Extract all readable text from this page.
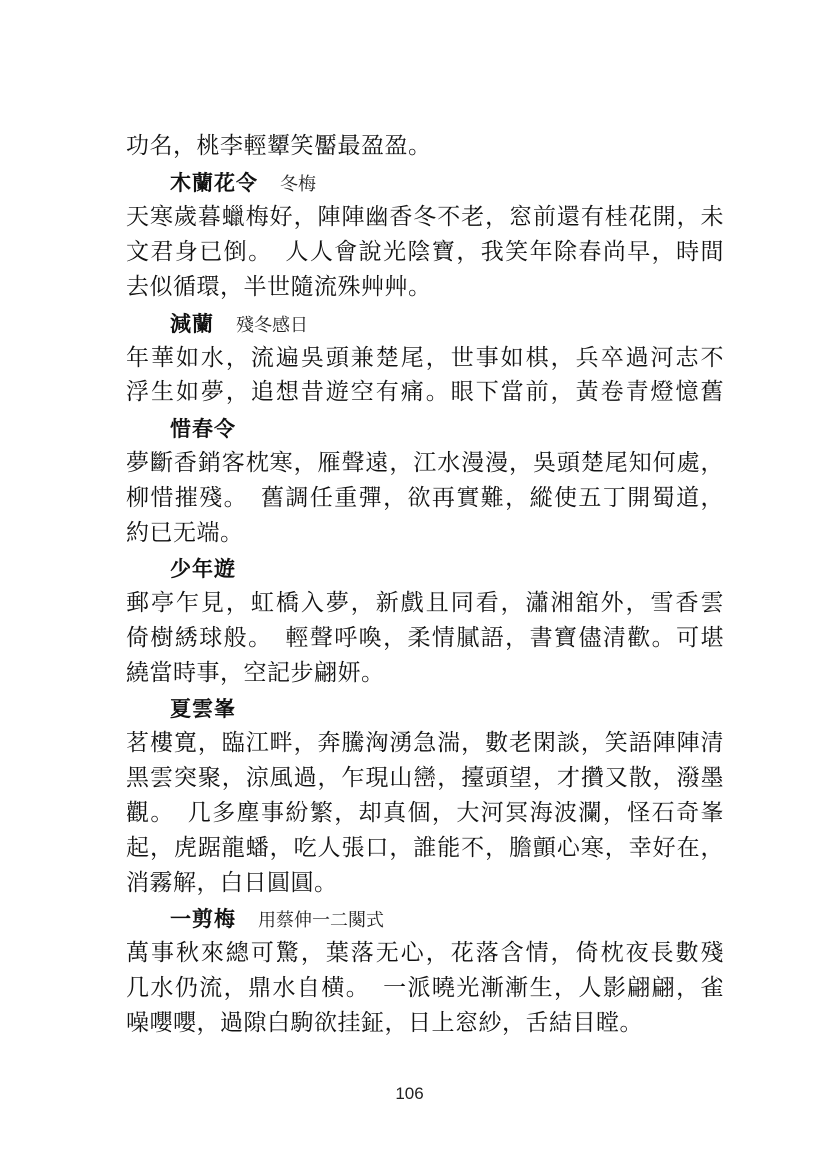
功名，桃李輕顰笑靨最盈盈。
木蘭花令 冬梅
天寒歲暮蠟梅好，陣陣幽香冬不老，窓前還有桂花開，未
文君身已倒。　人人會說光陰寶，我笑年除春尚早，時間
去似循環，半世隨流殊艸艸。
減蘭 殘冬感日
年華如水，流遍吳頭兼楚尾，世事如棋，兵卒過河志不
浮生如夢，追想昔遊空有痛。眼下當前，黃卷青燈憶舊
惜春令
夢斷香銷客枕寒，雁聲遠，江水漫漫，吳頭楚尾知何處，
柳惜摧殘。　舊調任重彈，欲再實難，縱使五丁開蜀道，
約已无端。
少年遊
郵亭乍見，虹橋入夢，新戲且同看，瀟湘舘外，雪香雲
倚樹綉球般。　輕聲呼喚，柔情膩語，書寶儘清歡。可堪
繞當時事，空記步翩妍。
夏雲峯
茗樓寛，臨江畔，奔騰洶湧急湍，數老閑談，笑語陣陣清
黑雲突聚，涼風過，乍現山巒，擡頭望，才攢又散，潑墨
觀。　几多塵事紛繁，却真個，大河冥海波瀾，怪石奇峯
起，虎踞龍蟠，吃人張口，誰能不，膽顫心寒，幸好在，
消霧解，白日圓圓。
一剪梅 用蔡伸一二闋式
萬事秋來總可驚，葉落无心，花落含情，倚枕夜長數殘
几水仍流，鼎水自横。　一派曉光漸漸生，人影翩翩，雀
噪嚶嚶，過隙白駒欲挂鉦，日上窓紗，舌結目瞠。
106
